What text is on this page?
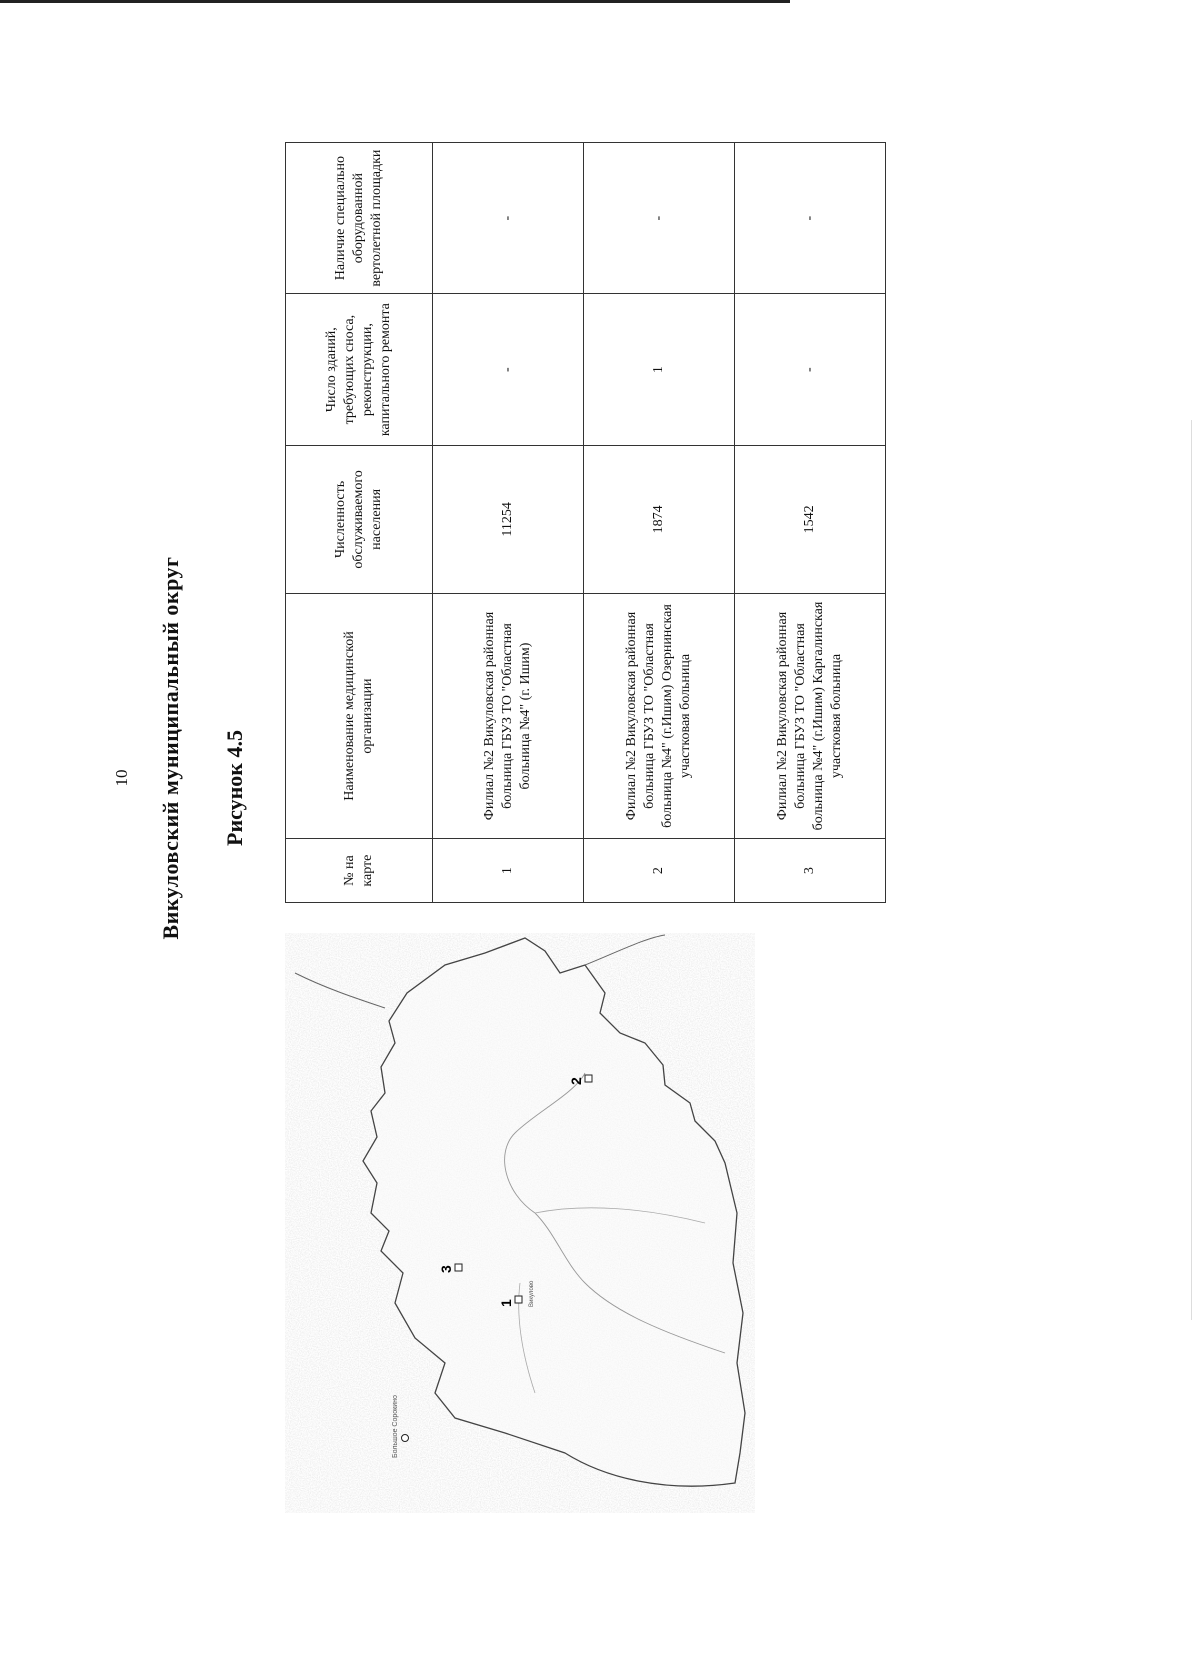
10 Викуловский муниципальный округ Рисунок 4.5
№ на карте	Наименование медицинской организации	Численность обслуживаемого населения	Число зданий, требующих сноса, реконструкции, капитального ремонта	Наличие специально оборудованной вертолетной площадки
1	Филиал №2 Викуловская районная больница ГБУЗ ТО "Областная больница №4" (г. Ишим)	11254	-	-
2	Филиал №2 Викуловская районная больница ГБУЗ ТО "Областная больница №4" (г.Ишим) Озернинская участковая больница	1874	1	-
3	Филиал №2 Викуловская районная больница ГБУЗ ТО "Областная больница №4" (г.Ишим) Каргалинская участковая больница	1542	-	-
1	Викулово
2
3
Большое Сорокино
